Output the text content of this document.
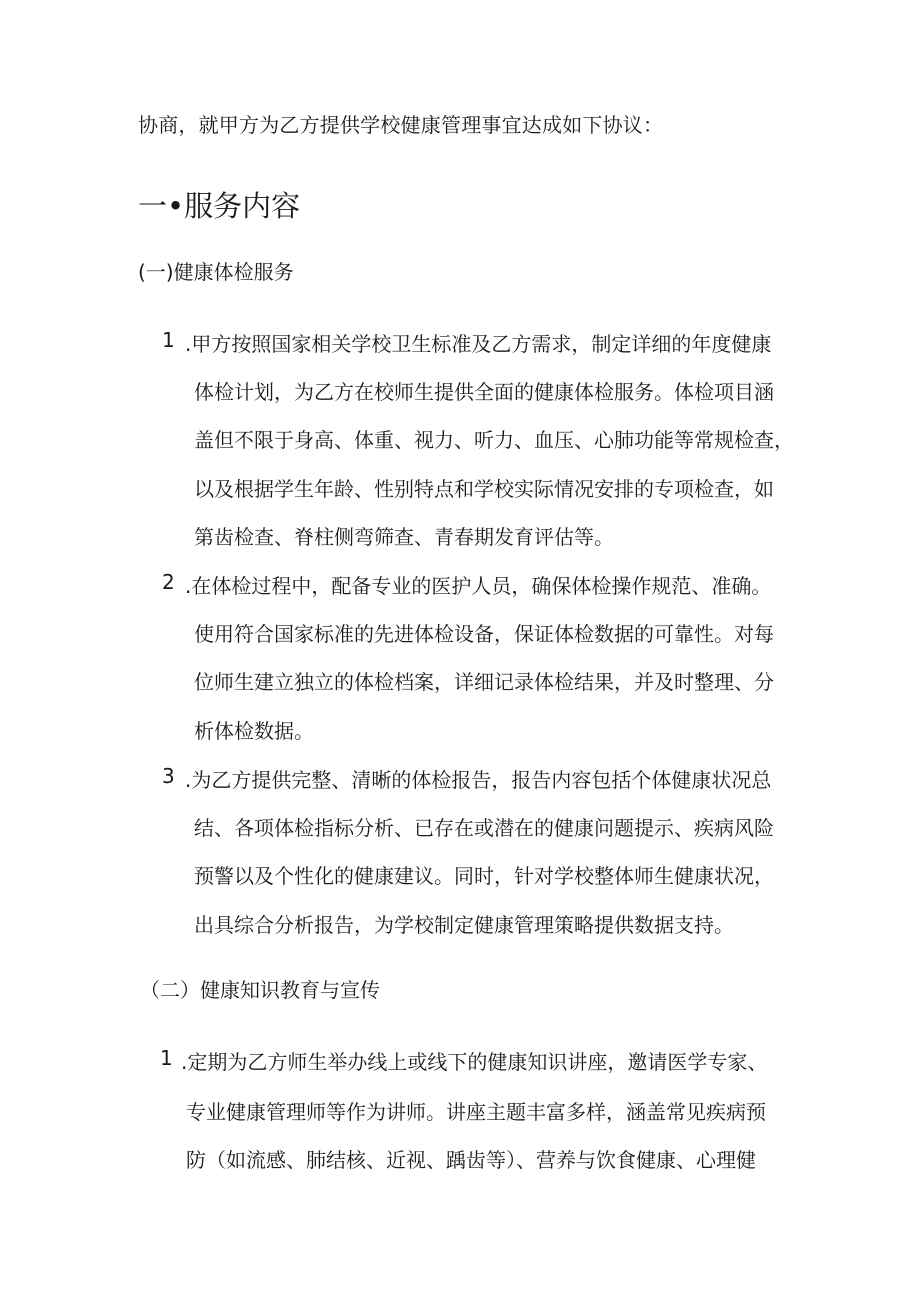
协商，就甲方为乙方提供学校健康管理事宜达成如下协议：
一•服务内容
(一)健康体检服务
1 .甲方按照国家相关学校卫生标准及乙方需求，制定详细的年度健康
体检计划，为乙方在校师生提供全面的健康体检服务。体检项目涵
盖但不限于身高、体重、视力、听力、血压、心肺功能等常规检查，
以及根据学生年龄、性别特点和学校实际情况安排的专项检查，如
第齿检查、脊柱侧弯筛查、青春期发育评估等。
2 .在体检过程中，配备专业的医护人员，确保体检操作规范、准确。
使用符合国家标准的先进体检设备，保证体检数据的可靠性。对每
位师生建立独立的体检档案，详细记录体检结果，并及时整理、分
析体检数据。
3 .为乙方提供完整、清晰的体检报告，报告内容包括个体健康状况总
结、各项体检指标分析、已存在或潜在的健康问题提示、疾病风险
预警以及个性化的健康建议。同时，针对学校整体师生健康状况，
出具综合分析报告，为学校制定健康管理策略提供数据支持。
（二）健康知识教育与宣传
1 .定期为乙方师生举办线上或线下的健康知识讲座，邀请医学专家、
专业健康管理师等作为讲师。讲座主题丰富多样，涵盖常见疾病预
防（如流感、肺结核、近视、踽齿等）、营养与饮食健康、心理健
